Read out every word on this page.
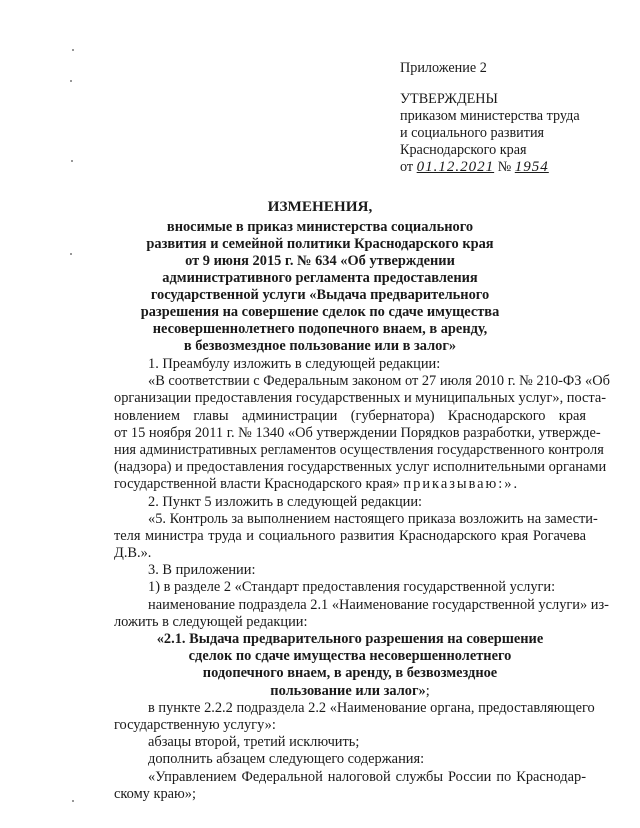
Приложение 2
УТВЕРЖДЕНЫ
приказом министерства труда
и социального развития
Краснодарского края
от 01.12.2021 № 1954
ИЗМЕНЕНИЯ,
вносимые в приказ министерства социального
развития и семейной политики Краснодарского края
от 9 июня 2015 г. № 634 «Об утверждении
административного регламента предоставления
государственной услуги «Выдача предварительного
разрешения на совершение сделок по сдаче имущества
несовершеннолетнего подопечного внаем, в аренду,
в безвозмездное пользование или в залог»
1. Преамбулу изложить в следующей редакции:
«В соответствии с Федеральным законом от 27 июля 2010 г. № 210-ФЗ «Об
организации предоставления государственных и муниципальных услуг», поста-
новлением главы администрации (губернатора) Краснодарского края
от 15 ноября 2011 г. № 1340 «Об утверждении Порядков разработки, утвержде-
ния административных регламентов осуществления государственного контроля
(надзора) и предоставления государственных услуг исполнительными органами
государственной власти Краснодарского края» приказываю:».
2. Пункт 5 изложить в следующей редакции:
«5. Контроль за выполнением настоящего приказа возложить на замести-
теля министра труда и социального развития Краснодарского края Рогачева
Д.В.».
3. В приложении:
1) в разделе 2 «Стандарт предоставления государственной услуги:
наименование подраздела 2.1 «Наименование государственной услуги» из-
ложить в следующей редакции:
«2.1. Выдача предварительного разрешения на совершение
сделок по сдаче имущества несовершеннолетнего
подопечного внаем, в аренду, в безвозмездное
пользование или залог»;
в пункте 2.2.2 подраздела 2.2 «Наименование органа, предоставляющего
государственную услугу»:
абзацы второй, третий исключить;
дополнить абзацем следующего содержания:
«Управлением Федеральной налоговой службы России по Краснодар-
скому краю»;
